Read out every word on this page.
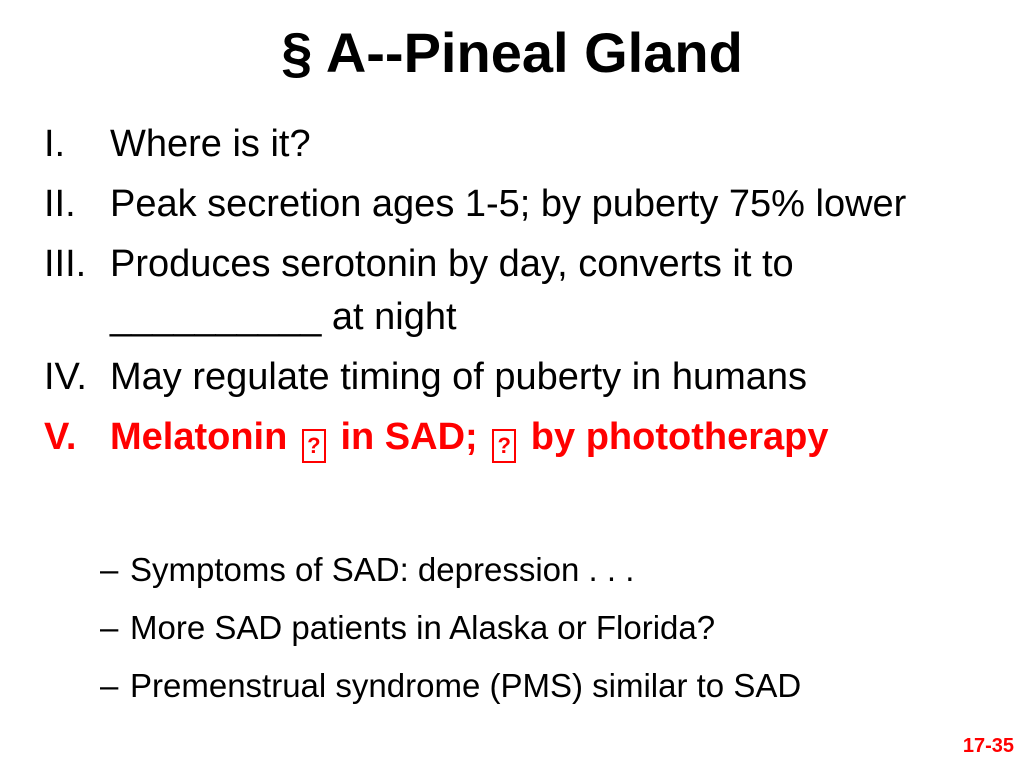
§ A--Pineal Gland
I.	Where is it?
II. Peak secretion ages 1-5; by puberty 75% lower
III. Produces serotonin by day, converts it to __________ at night
IV. May regulate timing of puberty in humans
V. Melatonin ? in SAD; ? by phototherapy
– Symptoms of SAD: depression . . .
– More SAD patients in Alaska or Florida?
– Premenstrual syndrome (PMS) similar to SAD
17-35
